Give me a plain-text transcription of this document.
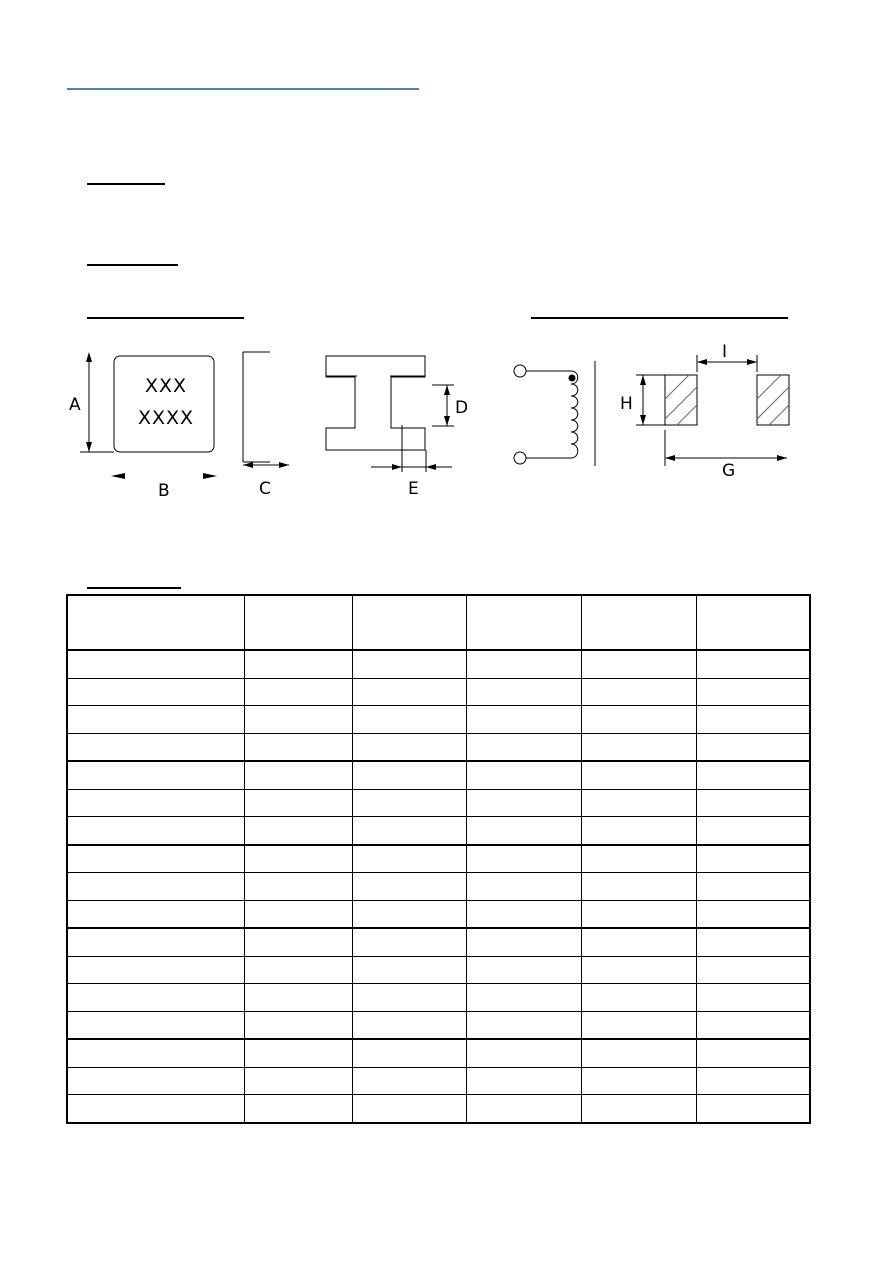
XXX
XXXX
A
B	C
D
E
H
I
G
